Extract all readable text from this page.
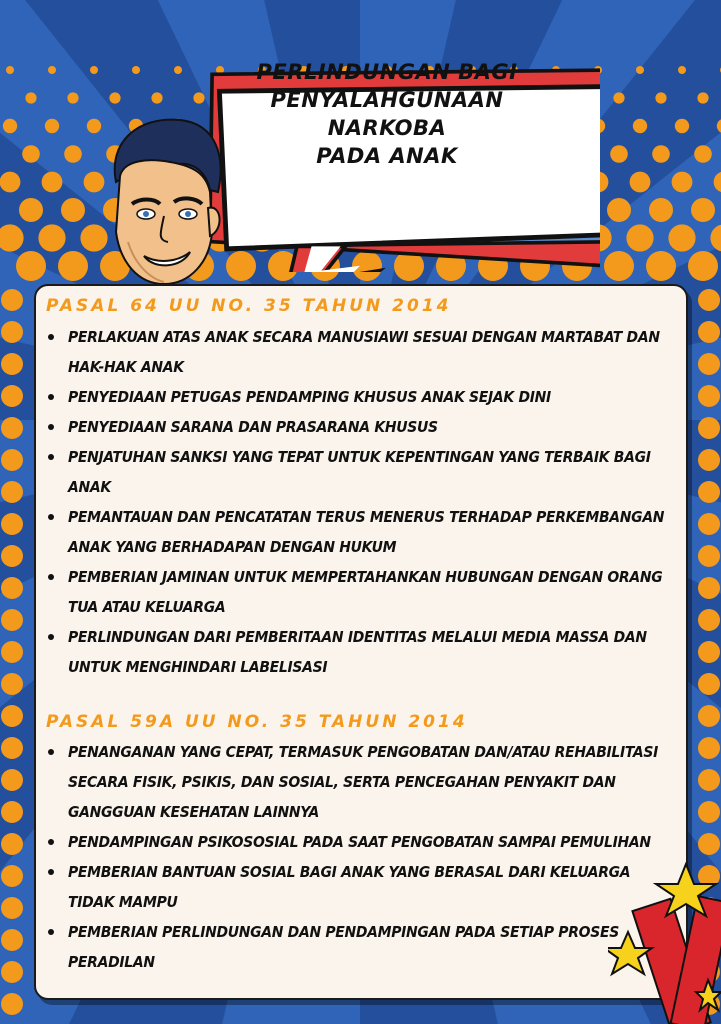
PERLINDUNGAN BAGI
PENYALAHGUNAAN NARKOBA
PADA ANAK
PASAL 64 UU NO. 35 TAHUN 2014
PERLAKUAN ATAS ANAK SECARA MANUSIAWI SESUAI DENGAN MARTABAT DAN HAK-HAK ANAK
PENYEDIAAN PETUGAS PENDAMPING KHUSUS ANAK SEJAK DINI
PENYEDIAAN SARANA DAN PRASARANA KHUSUS
PENJATUHAN SANKSI YANG TEPAT UNTUK KEPENTINGAN YANG TERBAIK BAGI ANAK
PEMANTAUAN DAN PENCATATAN TERUS MENERUS TERHADAP PERKEMBANGAN ANAK YANG BERHADAPAN DENGAN HUKUM
PEMBERIAN JAMINAN UNTUK MEMPERTAHANKAN HUBUNGAN DENGAN ORANG TUA ATAU KELUARGA
PERLINDUNGAN DARI PEMBERITAAN IDENTITAS MELALUI MEDIA MASSA DAN UNTUK MENGHINDARI LABELISASI
PASAL 59A UU NO. 35 TAHUN 2014
PENANGANAN YANG CEPAT, TERMASUK PENGOBATAN DAN/ATAU REHABILITASI SECARA FISIK, PSIKIS, DAN SOSIAL, SERTA PENCEGAHAN PENYAKIT DAN GANGGUAN KESEHATAN LAINNYA
PENDAMPINGAN PSIKOSOSIAL PADA SAAT PENGOBATAN SAMPAI PEMULIHAN
PEMBERIAN BANTUAN SOSIAL BAGI ANAK YANG BERASAL DARI KELUARGA TIDAK MAMPU
PEMBERIAN PERLINDUNGAN DAN PENDAMPINGAN PADA SETIAP PROSES PERADILAN
